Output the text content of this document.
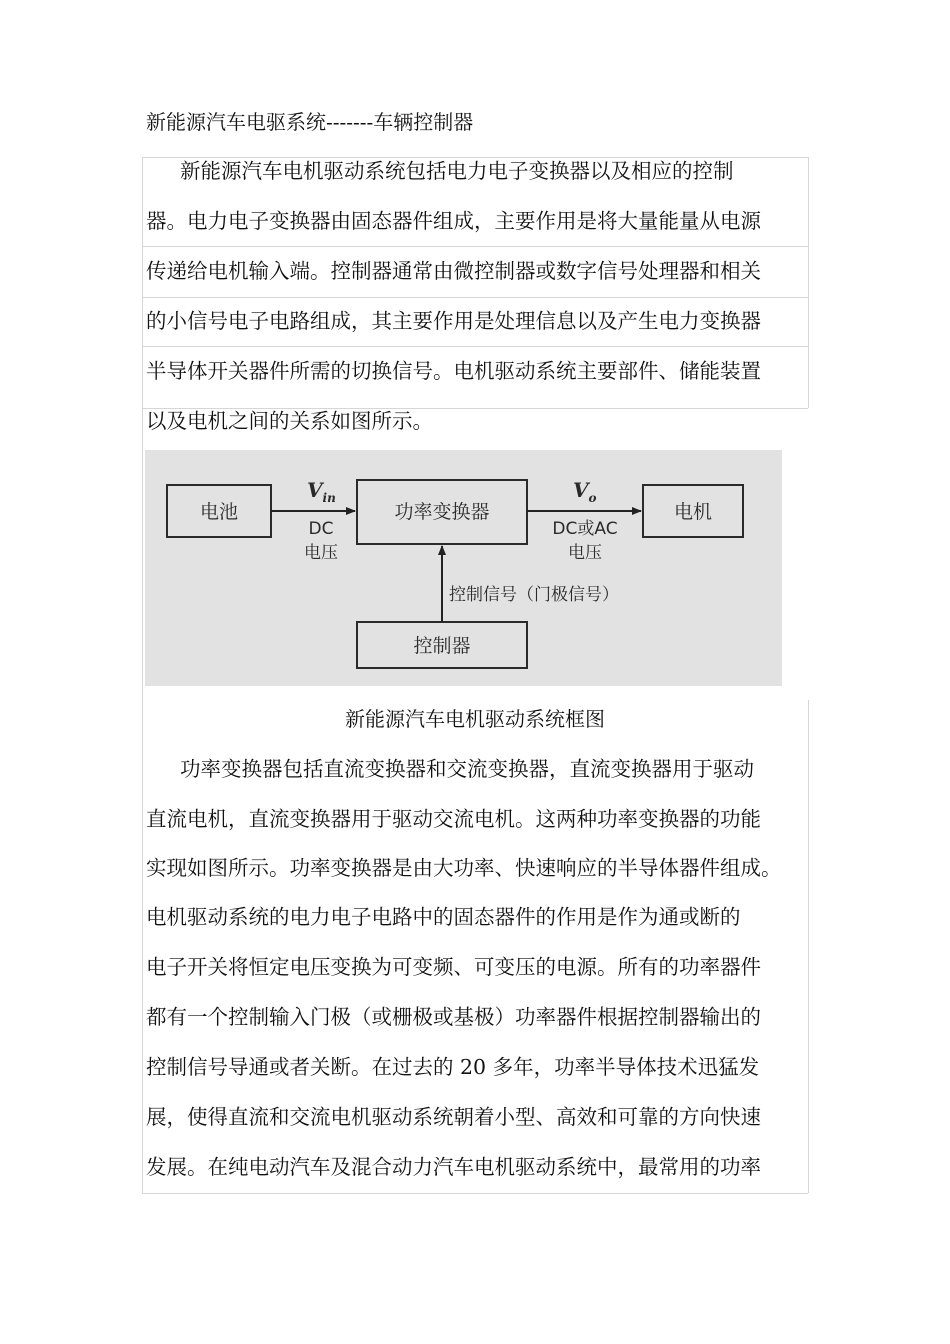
新能源汽车电驱系统-------车辆控制器
新能源汽车电机驱动系统包括电力电子变换器以及相应的控制
器。电力电子变换器由固态器件组成，主要作用是将大量能量从电源
传递给电机输入端。控制器通常由微控制器或数字信号处理器和相关
的小信号电子电路组成，其主要作用是处理信息以及产生电力变换器
半导体开关器件所需的切换信号。电机驱动系统主要部件、储能装置
以及电机之间的关系如图所示。
电池	功率变换器	电机
控制器
$V_{in}$
DC
电压
$V_o$
DC或AC
电压
控制信号（门极信号）
新能源汽车电机驱动系统框图
功率变换器包括直流变换器和交流变换器，直流变换器用于驱动
直流电机，直流变换器用于驱动交流电机。这两种功率变换器的功能
实现如图所示。功率变换器是由大功率、快速响应的半导体器件组成。
电机驱动系统的电力电子电路中的固态器件的作用是作为通或断的
电子开关将恒定电压变换为可变频、可变压的电源。所有的功率器件
都有一个控制输入门极（或栅极或基极）功率器件根据控制器输出的
控制信号导通或者关断。在过去的 20 多年，功率半导体技术迅猛发
展，使得直流和交流电机驱动系统朝着小型、高效和可靠的方向快速
发展。在纯电动汽车及混合动力汽车电机驱动系统中，最常用的功率
